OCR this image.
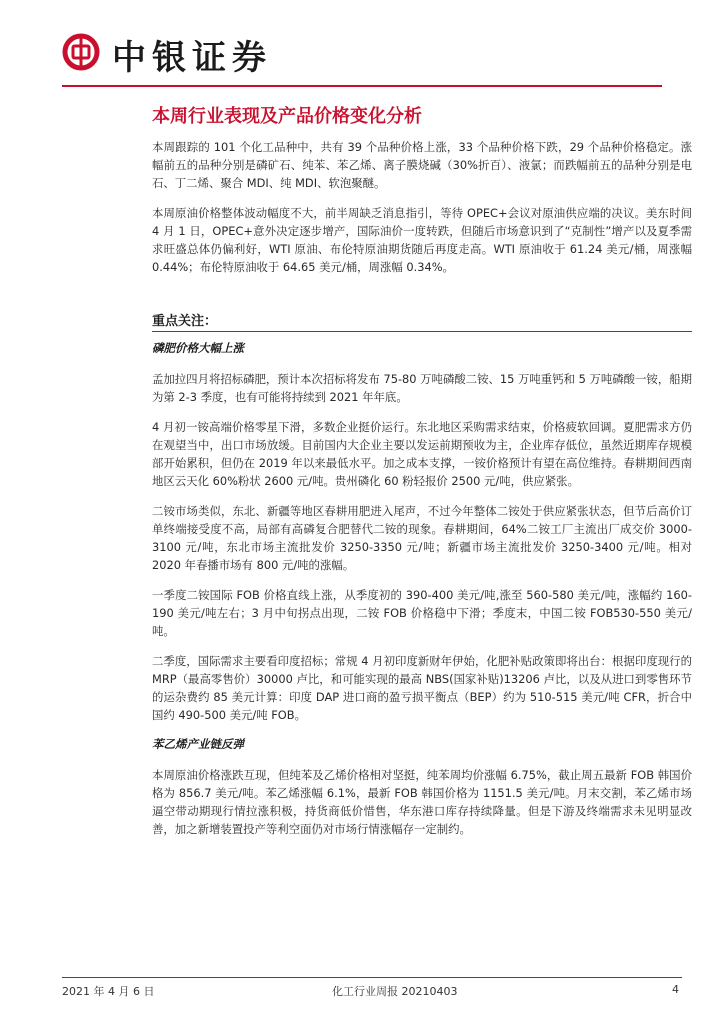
中银证券
本周行业表现及产品价格变化分析

本周跟踪的 101 个化工品种中，共有 39 个品种价格上涨，33 个品种价格下跌，29 个品种价格稳定。涨幅前五的品种分别是磷矿石、纯苯、苯乙烯、离子膜烧碱（30%折百）、液氯；而跌幅前五的品种分别是电石、丁二烯、聚合 MDI、纯 MDI、软泡聚醚。

本周原油价格整体波动幅度不大，前半周缺乏消息指引，等待 OPEC+会议对原油供应端的决议。美东时间 4 月 1 日，OPEC+意外决定逐步增产，国际油价一度转跌，但随后市场意识到了“克制性”增产以及夏季需求旺盛总体仍偏利好，WTI 原油、布伦特原油期货随后再度走高。WTI 原油收于 61.24 美元/桶，周涨幅 0.44%；布伦特原油收于 64.65 美元/桶，周涨幅 0.34%。

重点关注：
磷肥价格大幅上涨

孟加拉四月将招标磷肥，预计本次招标将发布 75-80 万吨磷酸二铵、15 万吨重钙和 5 万吨磷酸一铵，船期为第 2-3 季度，也有可能将持续到 2021 年年底。

4 月初一铵高端价格零星下滑，多数企业挺价运行。东北地区采购需求结束，价格疲软回调。夏肥需求方仍在观望当中，出口市场放缓。目前国内大企业主要以发运前期预收为主，企业库存低位，虽然近期库存规模部开始累积，但仍在 2019 年以来最低水平。加之成本支撑，一铵价格预计有望在高位维持。春耕期间西南地区云天化 60%粉状 2600 元/吨。贵州磷化 60 粉轻报价 2500 元/吨，供应紧张。

二铵市场类似，东北、新疆等地区春耕用肥进入尾声，不过今年整体二铵处于供应紧张状态，但节后高价订单终端接受度不高，局部有高磷复合肥替代二铵的现象。春耕期间，64%二铵工厂主流出厂成交价 3000-3100 元/吨，东北市场主流批发价 3250-3350 元/吨；新疆市场主流批发价 3250-3400 元/吨。相对 2020 年春播市场有 800 元/吨的涨幅。

一季度二铵国际 FOB 价格直线上涨，从季度初的 390-400 美元/吨,涨至 560-580 美元/吨，涨幅约 160-190 美元/吨左右；3 月中旬拐点出现，二铵 FOB 价格稳中下滑；季度末，中国二铵 FOB530-550 美元/吨。

二季度，国际需求主要看印度招标；常规 4 月初印度新财年伊始，化肥补贴政策即将出台：根据印度现行的 MRP（最高零售价）30000 卢比，和可能实现的最高 NBS(国家补贴)13206 卢比，以及从进口到零售环节的运杂费约 85 美元计算：印度 DAP 进口商的盈亏损平衡点（BEP）约为 510-515 美元/吨 CFR，折合中国约 490-500 美元/吨 FOB。

苯乙烯产业链反弹

本周原油价格涨跌互现，但纯苯及乙烯价格相对坚挺，纯苯周均价涨幅 6.75%，截止周五最新 FOB 韩国价格为 856.7 美元/吨。苯乙烯涨幅 6.1%，最新 FOB 韩国价格为 1151.5 美元/吨。月末交割，苯乙烯市场逼空带动期现行情拉涨积极，持货商低价惜售，华东港口库存持续降量。但是下游及终端需求未见明显改善，加之新增装置投产等利空面仍对市场行情涨幅存一定制约。

2021 年 4 月 6 日	化工行业周报 20210403	4
